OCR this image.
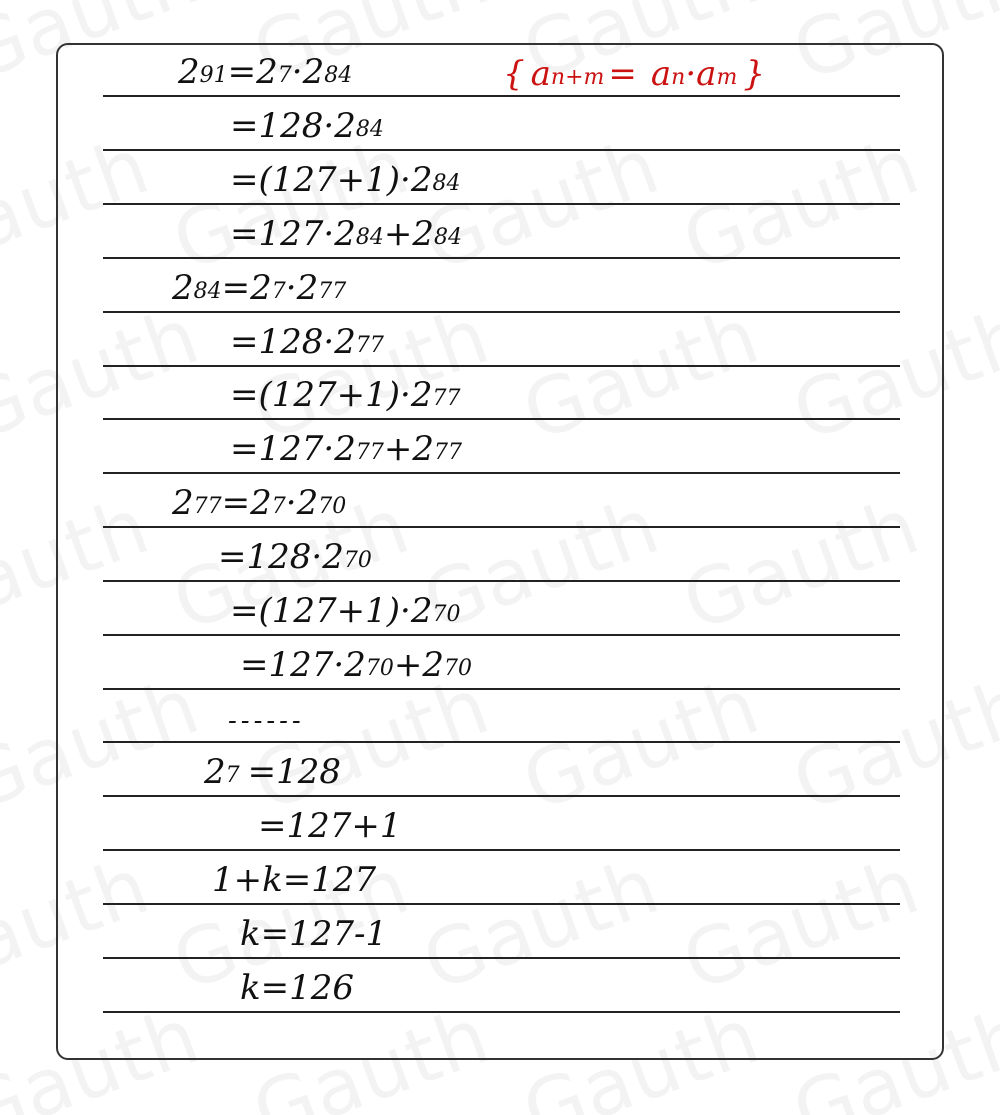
{ $a^{n+m} = a^n \cdot a^m$ }
$2^{91} =2^7 \cdot 2^{84}$
$=128\cdot 2^{84}$
$=(127+1)\cdot 2^{84}$
$=127\cdot 2^{84} +2^{84}$
$2^{84} =2^7 \cdot 2^{77}$
$=128\cdot 2^{77}$
$=(127+1)\cdot 2^{77}$
$=127\cdot 2^{77} +2^{77}$
$2^{77} =2^7 \cdot 2^{70}$
$=128\cdot 2^{70}$
$=(127+1)\cdot 2^{70}$
$=127\cdot 2^{70} +2^{70}$
------
$2^7 =128$
=127+1
1+k=127
k=127-1
k=126
